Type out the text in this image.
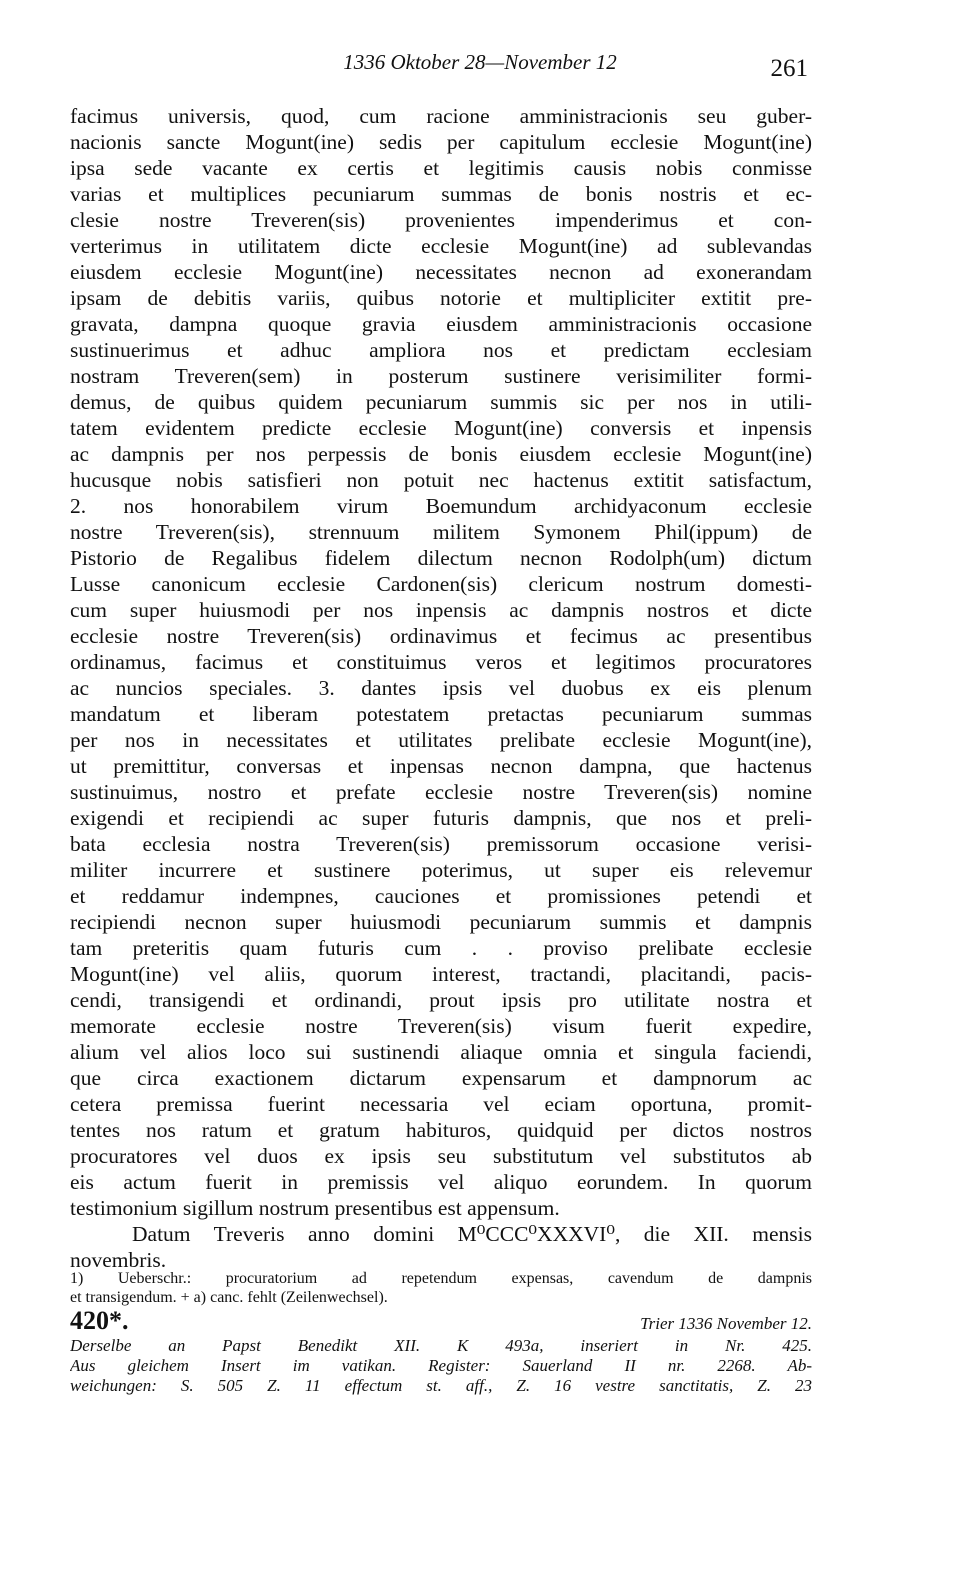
1336 Oktober 28—November 12	261
facimus universis, quod, cum racione amministracionis seu guber-
nacionis sancte Mogunt(ine) sedis per capitulum ecclesie Mogunt(ine)
ipsa sede vacante ex certis et legitimis causis nobis conmisse
varias et multiplices pecuniarum summas de bonis nostris et ec-
clesie nostre Treveren(sis) provenientes impenderimus et con-
verterimus in utilitatem dicte ecclesie Mogunt(ine) ad sublevandas
eiusdem ecclesie Mogunt(ine) necessitates necnon ad exonerandam
ipsam de debitis variis, quibus notorie et multipliciter extitit pre-
gravata, dampna quoque gravia eiusdem amministracionis occasione
sustinuerimus et adhuc ampliora nos et predictam ecclesiam
nostram Treveren(sem) in posterum sustinere verisimiliter formi-
demus, de quibus quidem pecuniarum summis sic per nos in utili-
tatem evidentem predicte ecclesie Mogunt(ine) conversis et inpensis
ac dampnis per nos perpessis de bonis eiusdem ecclesie Mogunt(ine)
hucusque nobis satisfieri non potuit nec hactenus extitit satisfactum,
2. nos honorabilem virum Boemundum archidyaconum ecclesie
nostre Treveren(sis), strennuum militem Symonem Phil(ippum) de
Pistorio de Regalibus fidelem dilectum necnon Rodolph(um) dictum
Lusse canonicum ecclesie Cardonen(sis) clericum nostrum domesti-
cum super huiusmodi per nos inpensis ac dampnis nostros et dicte
ecclesie nostre Treveren(sis) ordinavimus et fecimus ac presentibus
ordinamus, facimus et constituimus veros et legitimos procuratores
ac nuncios speciales. 3. dantes ipsis vel duobus ex eis plenum
mandatum et liberam potestatem pretactas pecuniarum summas
per nos in necessitates et utilitates prelibate ecclesie Mogunt(ine),
ut premittitur, conversas et inpensas necnon dampna, que hactenus
sustinuimus, nostro et prefate ecclesie nostre Treveren(sis) nomine
exigendi et recipiendi ac super futuris dampnis, que nos et preli-
bata ecclesia nostra Treveren(sis) premissorum occasione verisi-
militer incurrere et sustinere poterimus, ut super eis relevemur
et reddamur indempnes, cauciones et promissiones petendi et
recipiendi necnon super huiusmodi pecuniarum summis et dampnis
tam preteritis quam futuris cum . . proviso prelibate ecclesie
Mogunt(ine) vel aliis, quorum interest, tractandi, placitandi, pacis-
cendi, transigendi et ordinandi, prout ipsis pro utilitate nostra et
memorate ecclesie nostre Treveren(sis) visum fuerit expedire,
alium vel alios loco sui sustinendi aliaque omnia et singula faciendi,
que circa exactionem dictarum expensarum et dampnorum ac
cetera premissa fuerint necessaria vel eciam oportuna, promit-
tentes nos ratum et gratum habituros, quidquid per dictos nostros
procuratores vel duos ex ipsis seu substitutum vel substitutos ab
eis actum fuerit in premissis vel aliquo eorundem. In quorum
testimonium sigillum nostrum presentibus est appensum.
Datum Treveris anno domini M⁰CCC⁰XXXVI⁰, die XII. mensis
novembris.
1) Ueberschr.: procuratorium ad repetendum expensas, cavendum de dampnis
et transigendum. + a) canc. fehlt (Zeilenwechsel).
420*.	Trier 1336 November 12.
Derselbe an Papst Benedikt XII. K 493a, inseriert in Nr. 425.
Aus gleichem Insert im vatikan. Register: Sauerland II nr. 2268. Ab-
weichungen: S. 505 Z. 11 effectum st. aff., Z. 16 vestre sanctitatis, Z. 23
